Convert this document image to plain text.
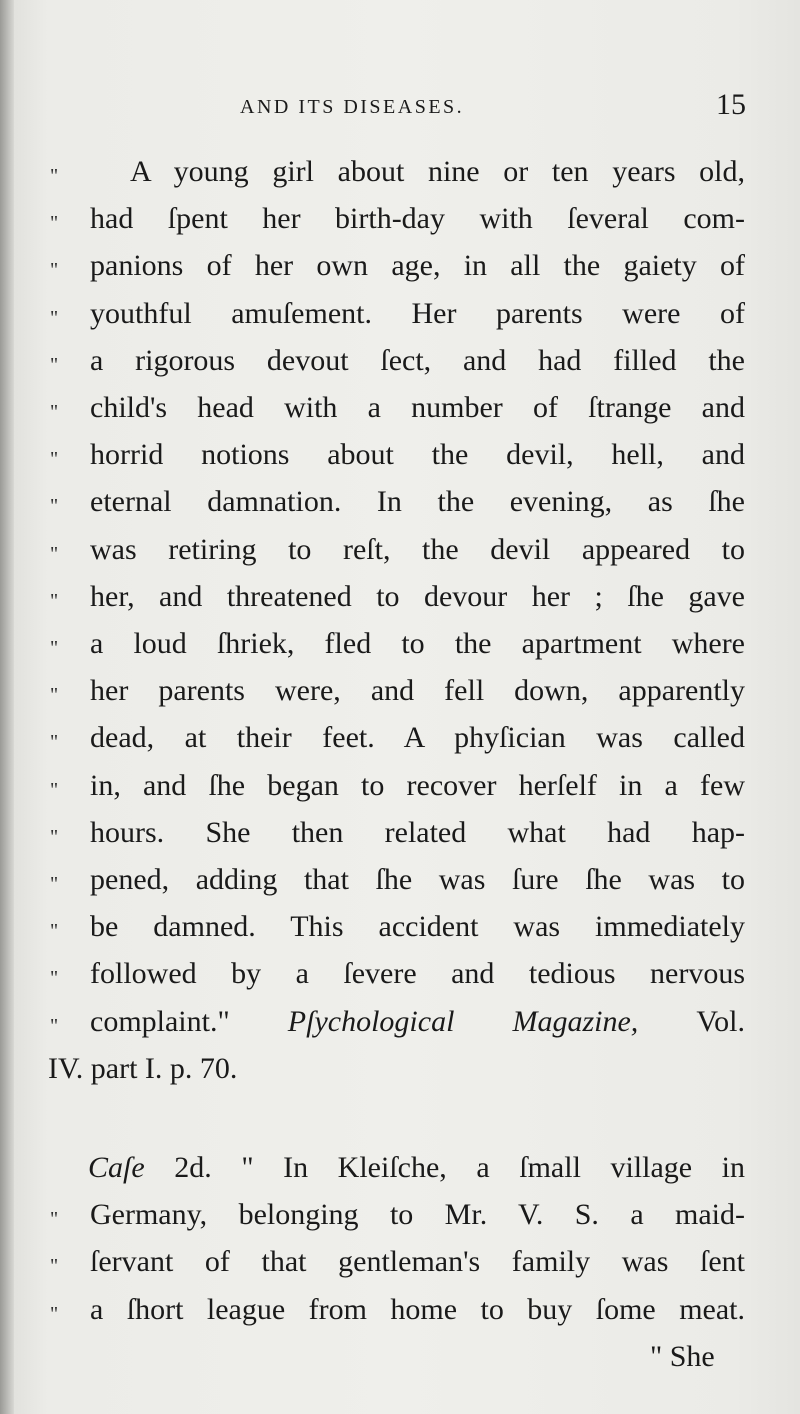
AND ITS DISEASES.	15
" A young girl about nine or ten years old,
" had ſpent her birth-day with ſeveral com-
" panions of her own age, in all the gaiety of
" youthful amuſement. Her parents were of
" a rigorous devout ſect, and had filled the
" child's head with a number of ſtrange and
" horrid notions about the devil, hell, and
" eternal damnation. In the evening, as ſhe
" was retiring to reſt, the devil appeared to
" her, and threatened to devour her ; ſhe gave
" a loud ſhriek, fled to the apartment where
" her parents were, and fell down, apparently
" dead, at their feet. A phyſician was called
" in, and ſhe began to recover herſelf in a few
" hours. She then related what had hap-
" pened, adding that ſhe was ſure ſhe was to
" be damned. This accident was immediately
" followed by a ſevere and tedious nervous
" complaint." Pſychological Magazine, Vol.
IV. part I. p. 70.
Caſe 2d. " In Kleiſche, a ſmall village in
" Germany, belonging to Mr. V. S. a maid-
" ſervant of that gentleman's family was ſent
" a ſhort league from home to buy ſome meat.
" She
